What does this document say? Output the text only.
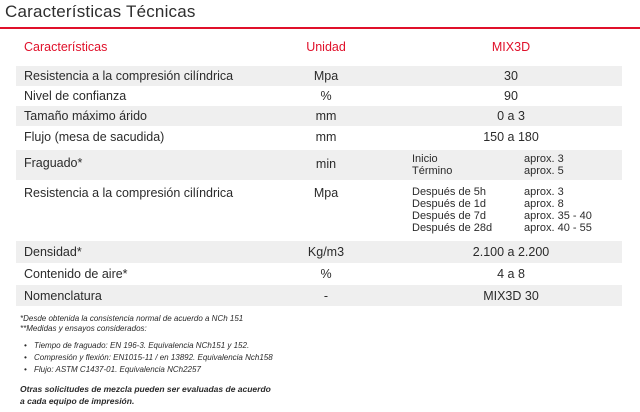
Características Técnicas
Características	Unidad	MIX3D
Resistencia a la compresión cilíndrica	Mpa	30
Nivel de confianza	%	90
Tamaño máximo árido	mm	0 a 3
Flujo (mesa de sacudida)	mm	150 a 180
Fraguado*	min	Inicio	aprox. 3
Término	aprox. 5
Resistencia a la compresión cilíndrica	Mpa	Después de 5h	aprox. 3
Después de 1d	aprox. 8
Después de 7d	aprox. 35 - 40
Después de 28d	aprox. 40 - 55
Densidad*	Kg/m3	2.100 a 2.200
Contenido de aire*	%	4 a 8
Nomenclatura	-	MIX3D 30
*Desde obtenida la consistencia normal de acuerdo a NCh 151
**Medidas y ensayos considerados:
• Tiempo de fraguado: EN 196-3. Equivalencia NCh151 y 152.
• Compresión y flexión: EN1015-11 / en 13892. Equivalencia Nch158
• Flujo: ASTM C1437-01. Equivalencia NCh2257
Otras solicitudes de mezcla pueden ser evaluadas de acuerdo
a cada equipo de impresión.
